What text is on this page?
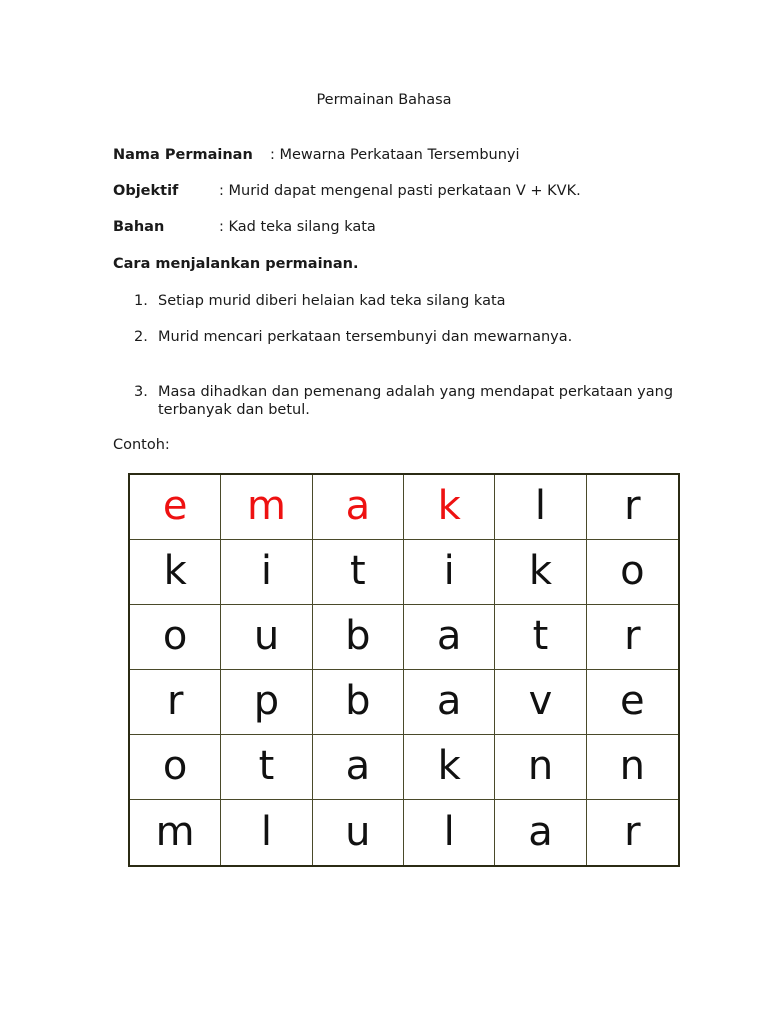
Permainan Bahasa
Nama Permainan : Mewarna Perkataan Tersembunyi
Objektif	: Murid dapat mengenal pasti perkataan V + KVK.
Bahan	: Kad teka silang kata
Cara menjalankan permainan.
1. Setiap murid diberi helaian kad teka silang kata
2. Murid mencari perkataan tersembunyi dan mewarnanya.
3. Masa dihadkan dan pemenang adalah yang mendapat perkataan yang terbanyak dan betul.
Contoh:
e	m	a	k	l	r
k	i	t	i	k	o
o	u	b	a	t	r
r	p	b	a	v	e
o	t	a	k	n	n
m	l	u	l	a	r
